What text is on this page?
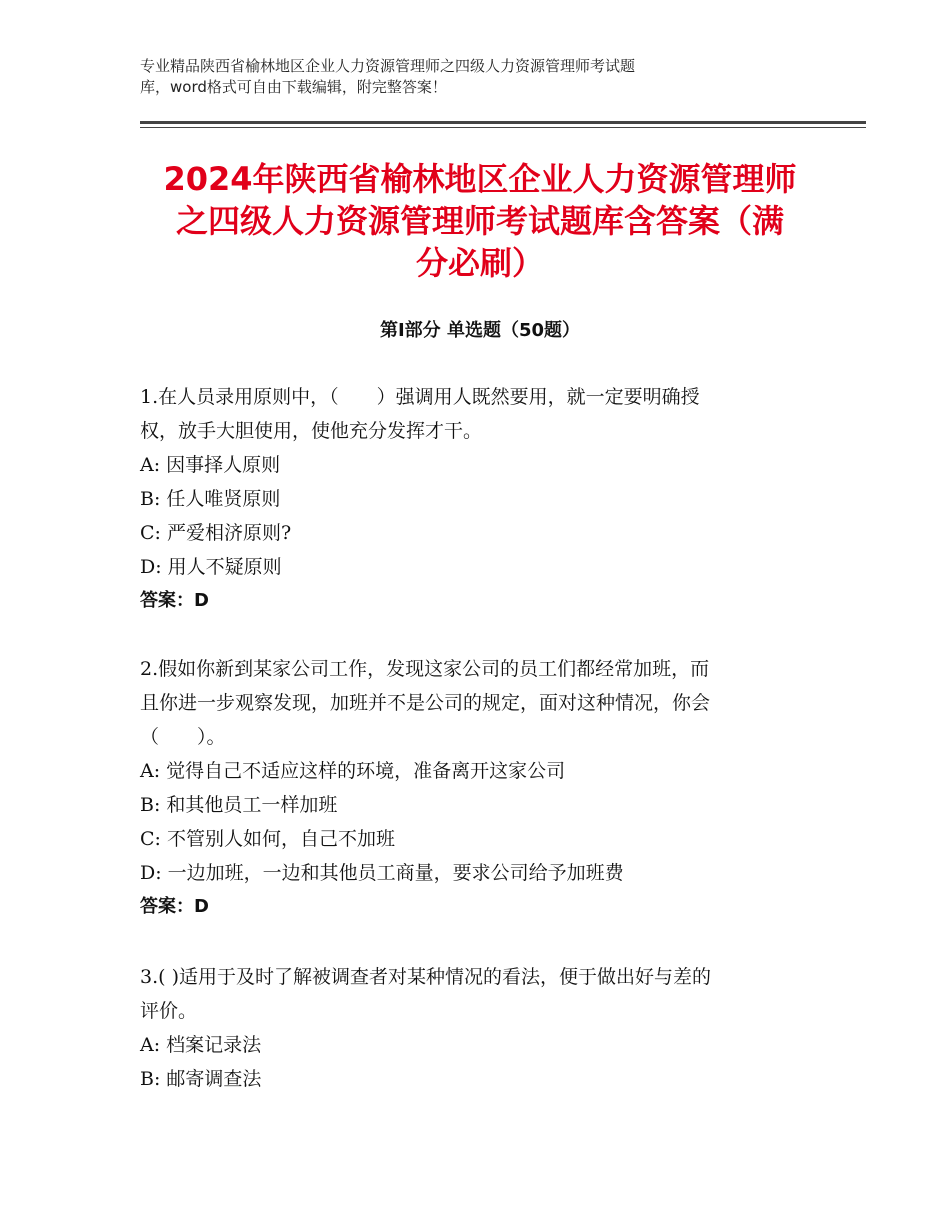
专业精品陕西省榆林地区企业人力资源管理师之四级人力资源管理师考试题
库，word格式可自由下载编辑，附完整答案！
2024年陕西省榆林地区企业人力资源管理师
之四级人力资源管理师考试题库含答案（满
分必刷）
第Ⅰ部分 单选题（50题）
1.在人员录用原则中，（　　）强调用人既然要用，就一定要明确授
权，放手大胆使用，使他充分发挥才干。
A: 因事择人原则
B: 任人唯贤原则
C: 严爱相济原则?
D: 用人不疑原则
答案：D
2.假如你新到某家公司工作，发现这家公司的员工们都经常加班，而
且你进一步观察发现，加班并不是公司的规定，面对这种情况，你会
（　　）。
A: 觉得自己不适应这样的环境，准备离开这家公司
B: 和其他员工一样加班
C: 不管别人如何，自己不加班
D: 一边加班，一边和其他员工商量，要求公司给予加班费
答案：D
3.( )适用于及时了解被调查者对某种情况的看法，便于做出好与差的
评价。
A: 档案记录法
B: 邮寄调查法
